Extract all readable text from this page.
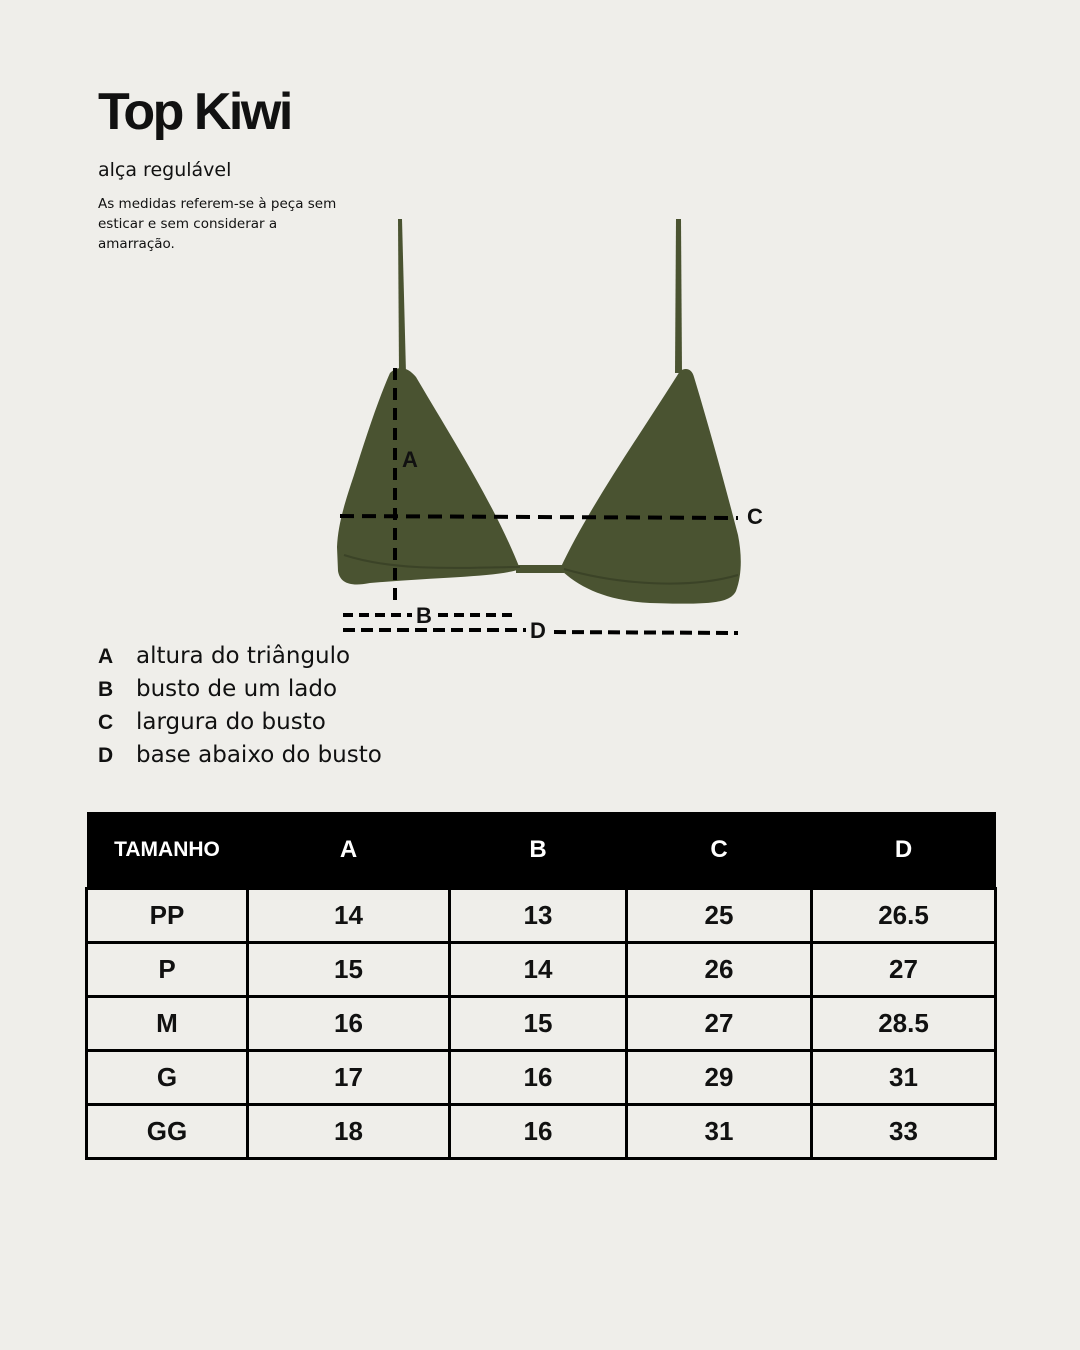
Top Kiwi
alça regulável
As medidas referem-se à peça sem esticar e sem considerar a amarração.
A
C
B
D
A altura do triângulo
B busto de um lado
C largura do busto
D base abaixo do busto
TAMANHO	A	B	C	D
PP	14	13	25	26.5
P	15	14	26	27
M	16	15	27	28.5
G	17	16	29	31
GG	18	16	31	33
